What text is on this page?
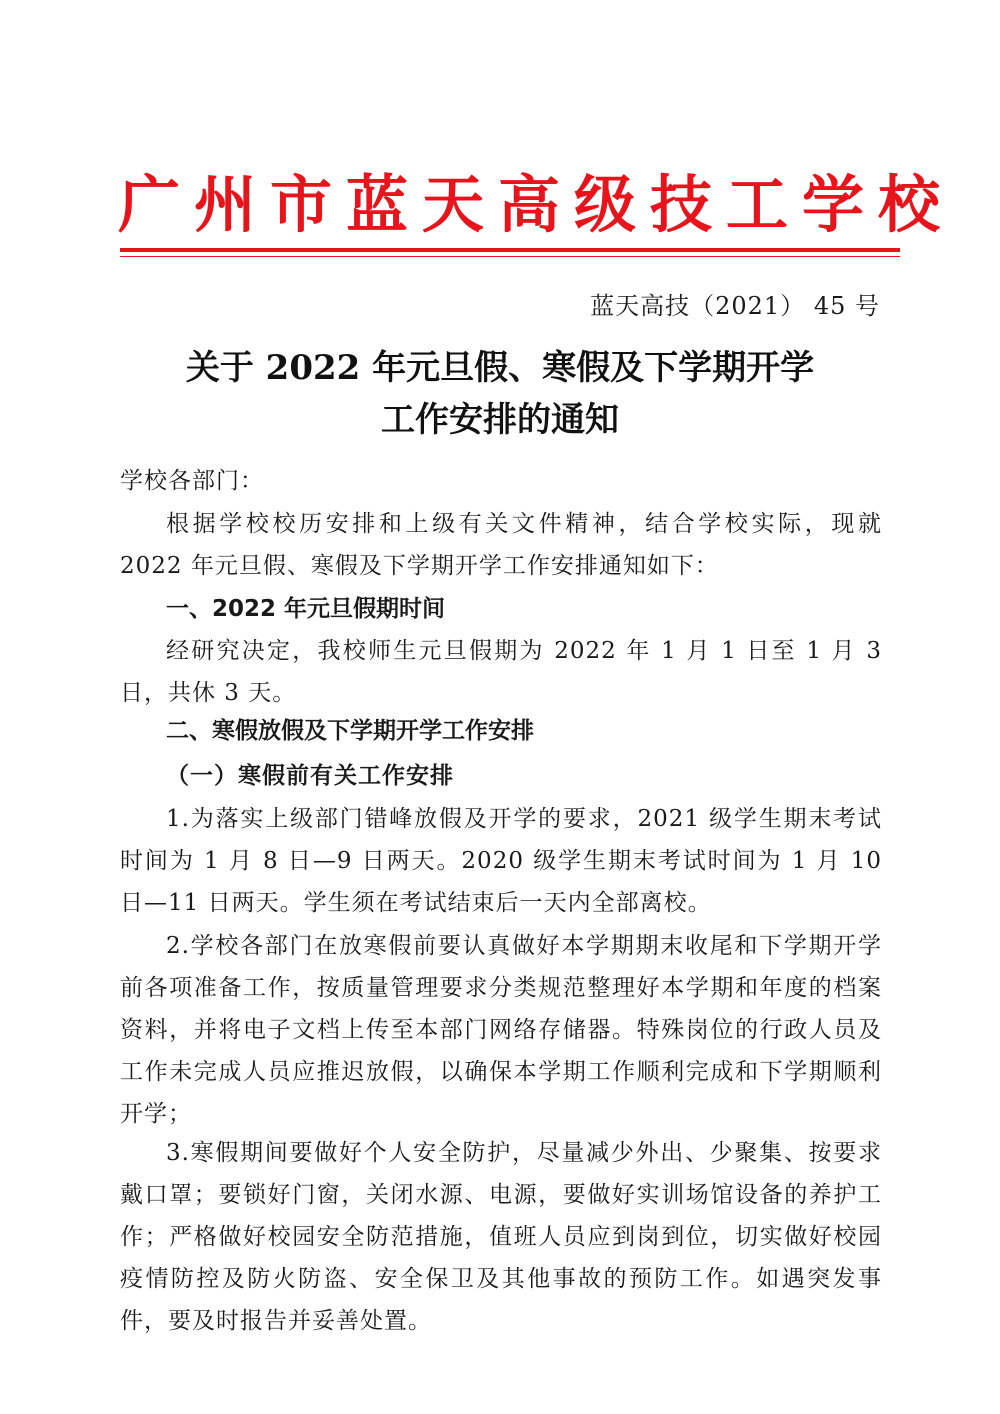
广州市蓝天高级技工学校
蓝天高技（2021） 45 号
关于 2022 年元旦假、寒假及下学期开学
工作安排的通知

学校各部门：

根据学校校历安排和上级有关文件精神，结合学校实际，现就 2022 年元旦假、寒假及下学期开学工作安排通知如下：

一、2022 年元旦假期时间

经研究决定，我校师生元旦假期为 2022 年 1 月 1 日至 1 月 3 日，共休 3 天。

二、寒假放假及下学期开学工作安排

（一）寒假前有关工作安排

1.为落实上级部门错峰放假及开学的要求，2021 级学生期末考试时间为 1 月 8 日—9 日两天。2020 级学生期末考试时间为 1 月 10 日—11 日两天。学生须在考试结束后一天内全部离校。

2.学校各部门在放寒假前要认真做好本学期期末收尾和下学期开学前各项准备工作，按质量管理要求分类规范整理好本学期和年度的档案资料，并将电子文档上传至本部门网络存储器。特殊岗位的行政人员及工作未完成人员应推迟放假，以确保本学期工作顺利完成和下学期顺利开学；

3.寒假期间要做好个人安全防护，尽量减少外出、少聚集、按要求戴口罩；要锁好门窗，关闭水源、电源，要做好实训场馆设备的养护工作；严格做好校园安全防范措施，值班人员应到岗到位，切实做好校园疫情防控及防火防盗、安全保卫及其他事故的预防工作。如遇突发事件，要及时报告并妥善处置。
